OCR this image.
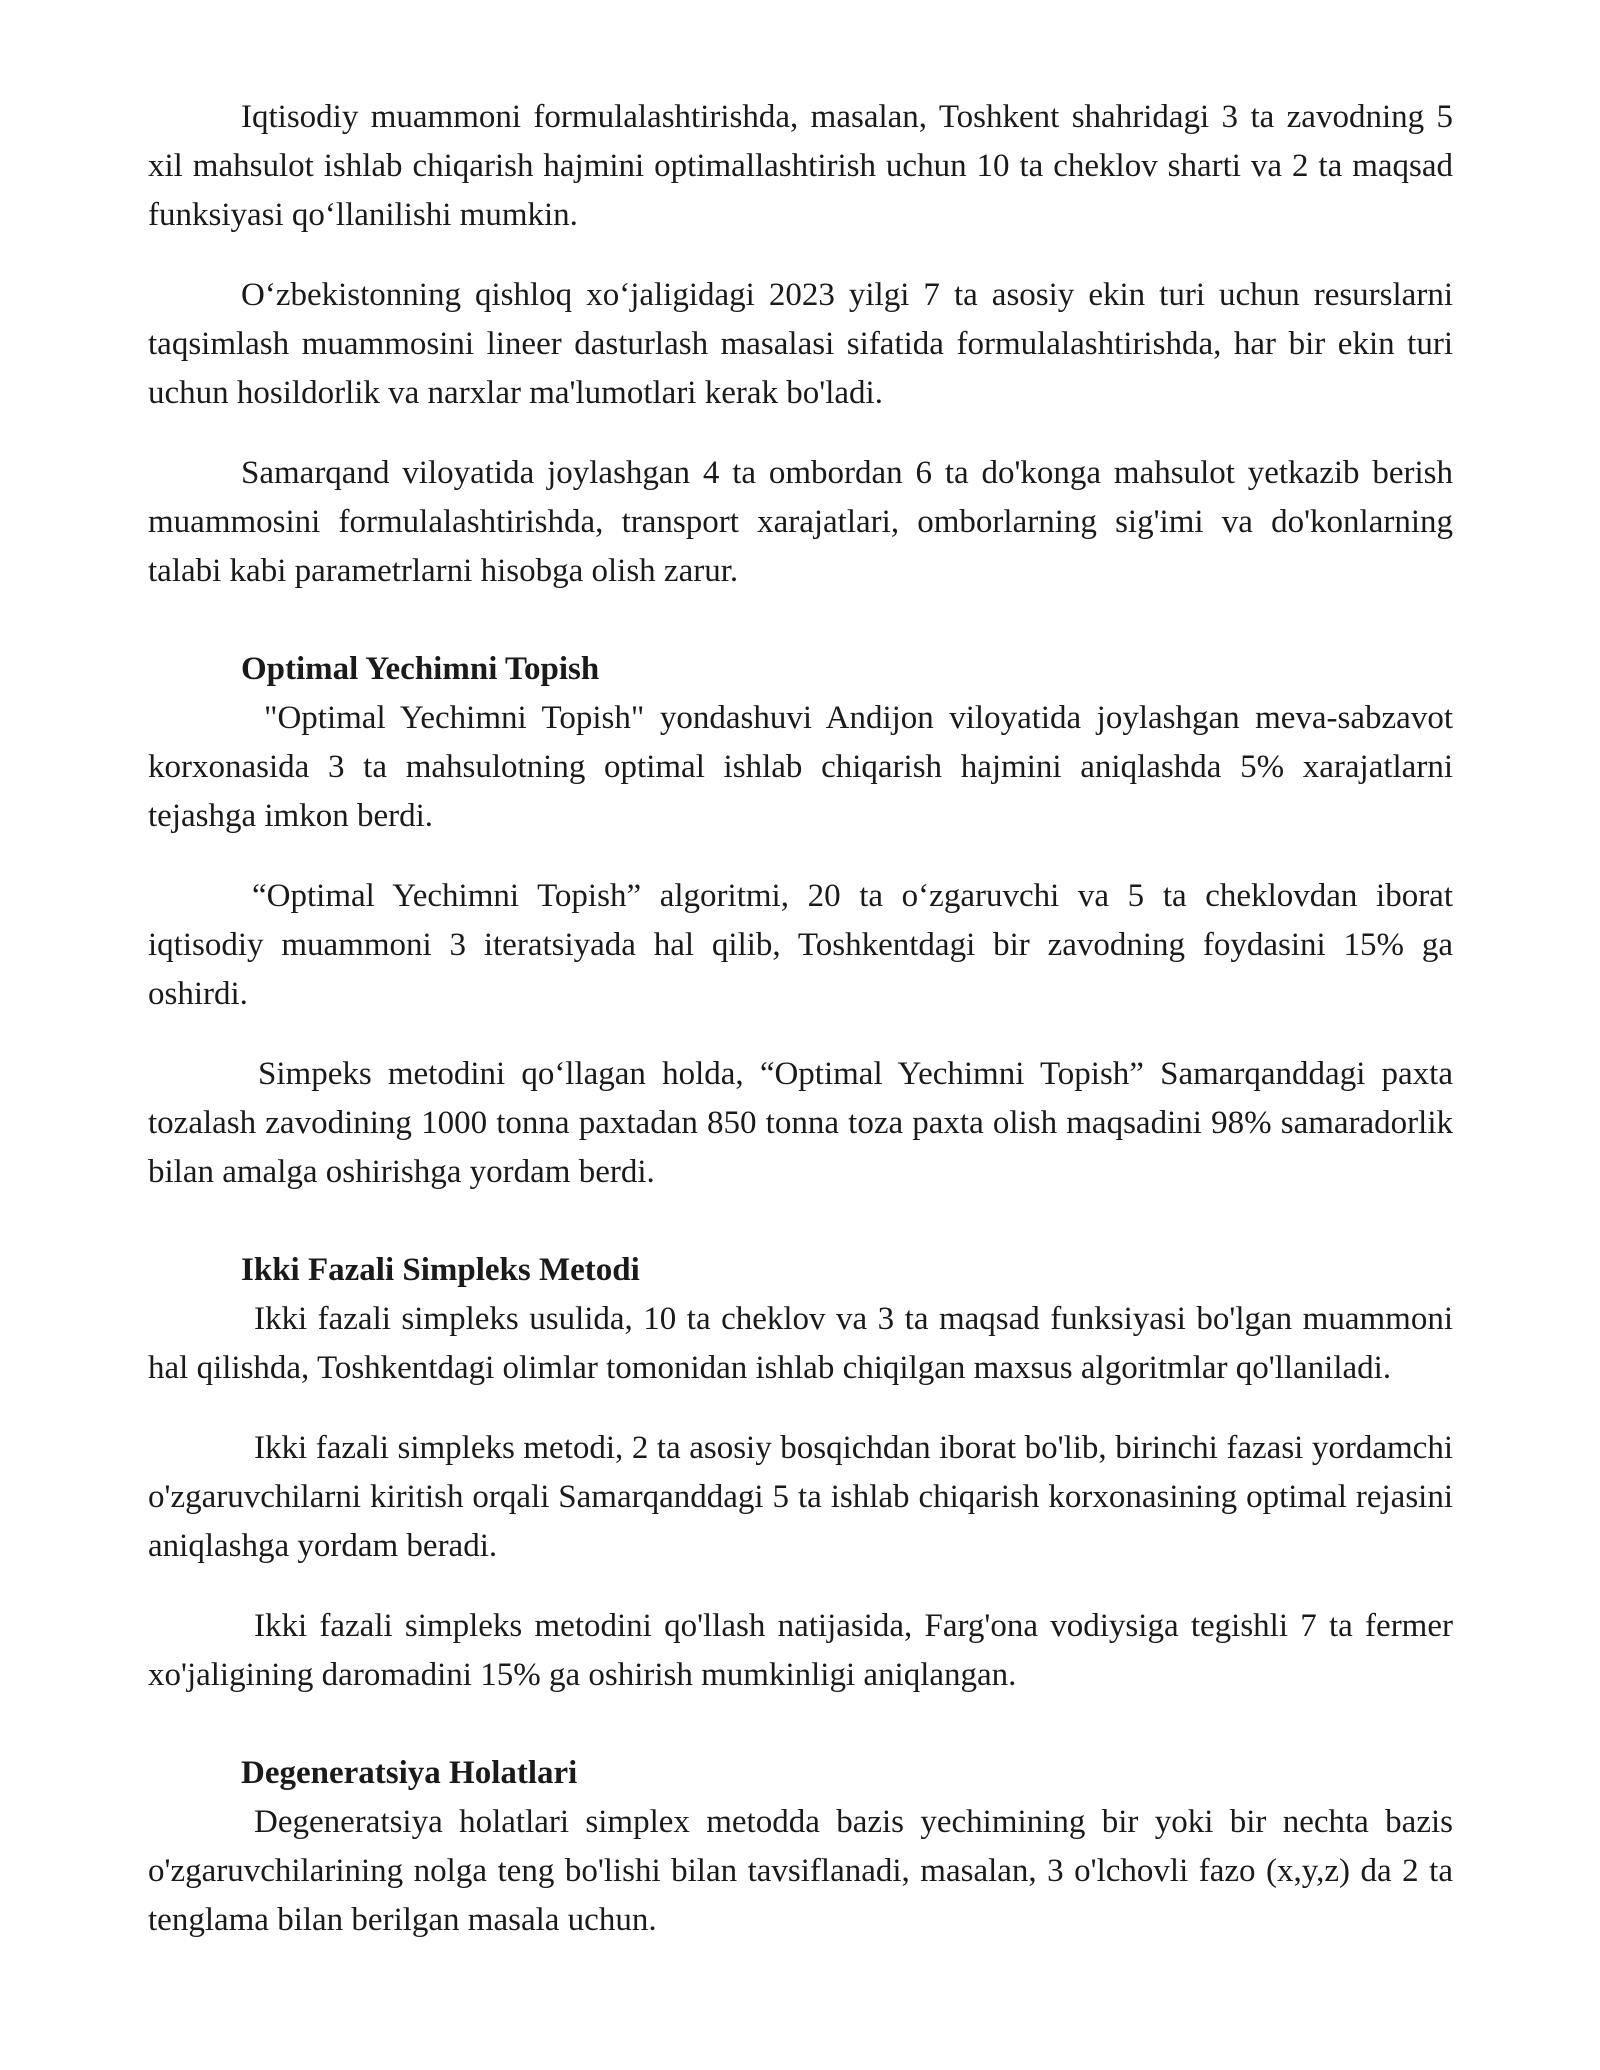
Iqtisodiy muammoni formulalashtirishda, masalan, Toshkent shahridagi 3 ta zavodning 5 xil mahsulot ishlab chiqarish hajmini optimallashtirish uchun 10 ta cheklov sharti va 2 ta maqsad funksiyasi qo‘llanilishi mumkin.

O‘zbekistonning qishloq xo‘jaligidagi 2023 yilgi 7 ta asosiy ekin turi uchun resurslarni taqsimlash muammosini lineer dasturlash masalasi sifatida formulalashtirishda, har bir ekin turi uchun hosildorlik va narxlar ma'lumotlari kerak bo'ladi.

Samarqand viloyatida joylashgan 4 ta ombordan 6 ta do'konga mahsulot yetkazib berish muammosini formulalashtirishda, transport xarajatlari, omborlarning sig'imi va do'konlarning talabi kabi parametrlarni hisobga olish zarur.

Optimal Yechimni Topish

"Optimal Yechimni Topish" yondashuvi Andijon viloyatida joylashgan meva-sabzavot korxonasida 3 ta mahsulotning optimal ishlab chiqarish hajmini aniqlashda 5% xarajatlarni tejashga imkon berdi.

“Optimal Yechimni Topish” algoritmi, 20 ta o‘zgaruvchi va 5 ta cheklovdan iborat iqtisodiy muammoni 3 iteratsiyada hal qilib, Toshkentdagi bir zavodning foydasini 15% ga oshirdi.

Simpeks metodini qo‘llagan holda, “Optimal Yechimni Topish” Samarqanddagi paxta tozalash zavodining 1000 tonna paxtadan 850 tonna toza paxta olish maqsadini 98% samaradorlik bilan amalga oshirishga yordam berdi.

Ikki Fazali Simpleks Metodi

Ikki fazali simpleks usulida, 10 ta cheklov va 3 ta maqsad funksiyasi bo'lgan muammoni hal qilishda, Toshkentdagi olimlar tomonidan ishlab chiqilgan maxsus algoritmlar qo'llaniladi.

Ikki fazali simpleks metodi, 2 ta asosiy bosqichdan iborat bo'lib, birinchi fazasi yordamchi o'zgaruvchilarni kiritish orqali Samarqanddagi 5 ta ishlab chiqarish korxonasining optimal rejasini aniqlashga yordam beradi.

Ikki fazali simpleks metodini qo'llash natijasida, Farg'ona vodiysiga tegishli 7 ta fermer xo'jaligining daromadini 15% ga oshirish mumkinligi aniqlangan.

Degeneratsiya Holatlari

Degeneratsiya holatlari simplex metodda bazis yechimining bir yoki bir nechta bazis o'zgaruvchilarining nolga teng bo'lishi bilan tavsiflanadi, masalan, 3 o'lchovli fazo (x,y,z) da 2 ta tenglama bilan berilgan masala uchun.
